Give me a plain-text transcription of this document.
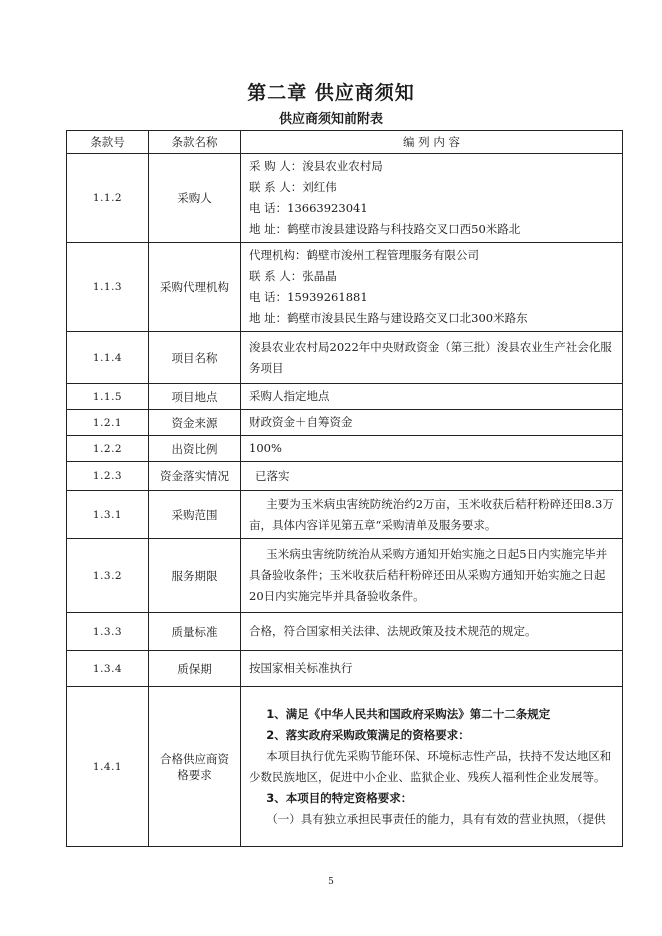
第二章 供应商须知
供应商须知前附表
条款号	条款名称	编 列 内 容
1.1.2	采购人	采 购 人：浚县农业农村局
联 系 人：刘红伟
电 话：13663923041
地 址：鹤壁市浚县建设路与科技路交叉口西50米路北

1.1.3	采购代理机构	代理机构：鹤壁市浚州工程管理服务有限公司
联 系 人：张晶晶
电 话：15939261881
地 址：鹤壁市浚县民生路与建设路交叉口北300米路东

1.1.4	项目名称	浚县农业农村局2022年中央财政资金（第三批）浚县农业生产社会化服务项目
1.1.5	项目地点	采购人指定地点
1.2.1	资金来源	财政资金＋自筹资金
1.2.2	出资比例	100%
1.2.3	资金落实情况	已落实
1.3.1	采购范围	主要为玉米病虫害统防统治约2万亩，玉米收获后秸秆粉碎还田8.3万亩，具体内容详见第五章“采购清单及服务要求。

1.3.2	服务期限	玉米病虫害统防统治从采购方通知开始实施之日起5日内实施完毕并具备验收条件；玉米收获后秸秆粉碎还田从采购方通知开始实施之日起20日内实施完毕并具备验收条件。

1.3.3	质量标准	合格，符合国家相关法律、法规政策及技术规范的规定。
1.3.4	质保期	按国家相关标准执行
1.4.1	合格供应商资格要求	1、满足《中华人民共和国政府采购法》第二十二条规定
2、落实政府采购政策满足的资格要求：
本项目执行优先采购节能环保、环境标志性产品，扶持不发达地区和少数民族地区，促进中小企业、监狱企业、残疾人福利性企业发展等。
3、本项目的特定资格要求：
（一）具有独立承担民事责任的能力，具有有效的营业执照，（提供
5
